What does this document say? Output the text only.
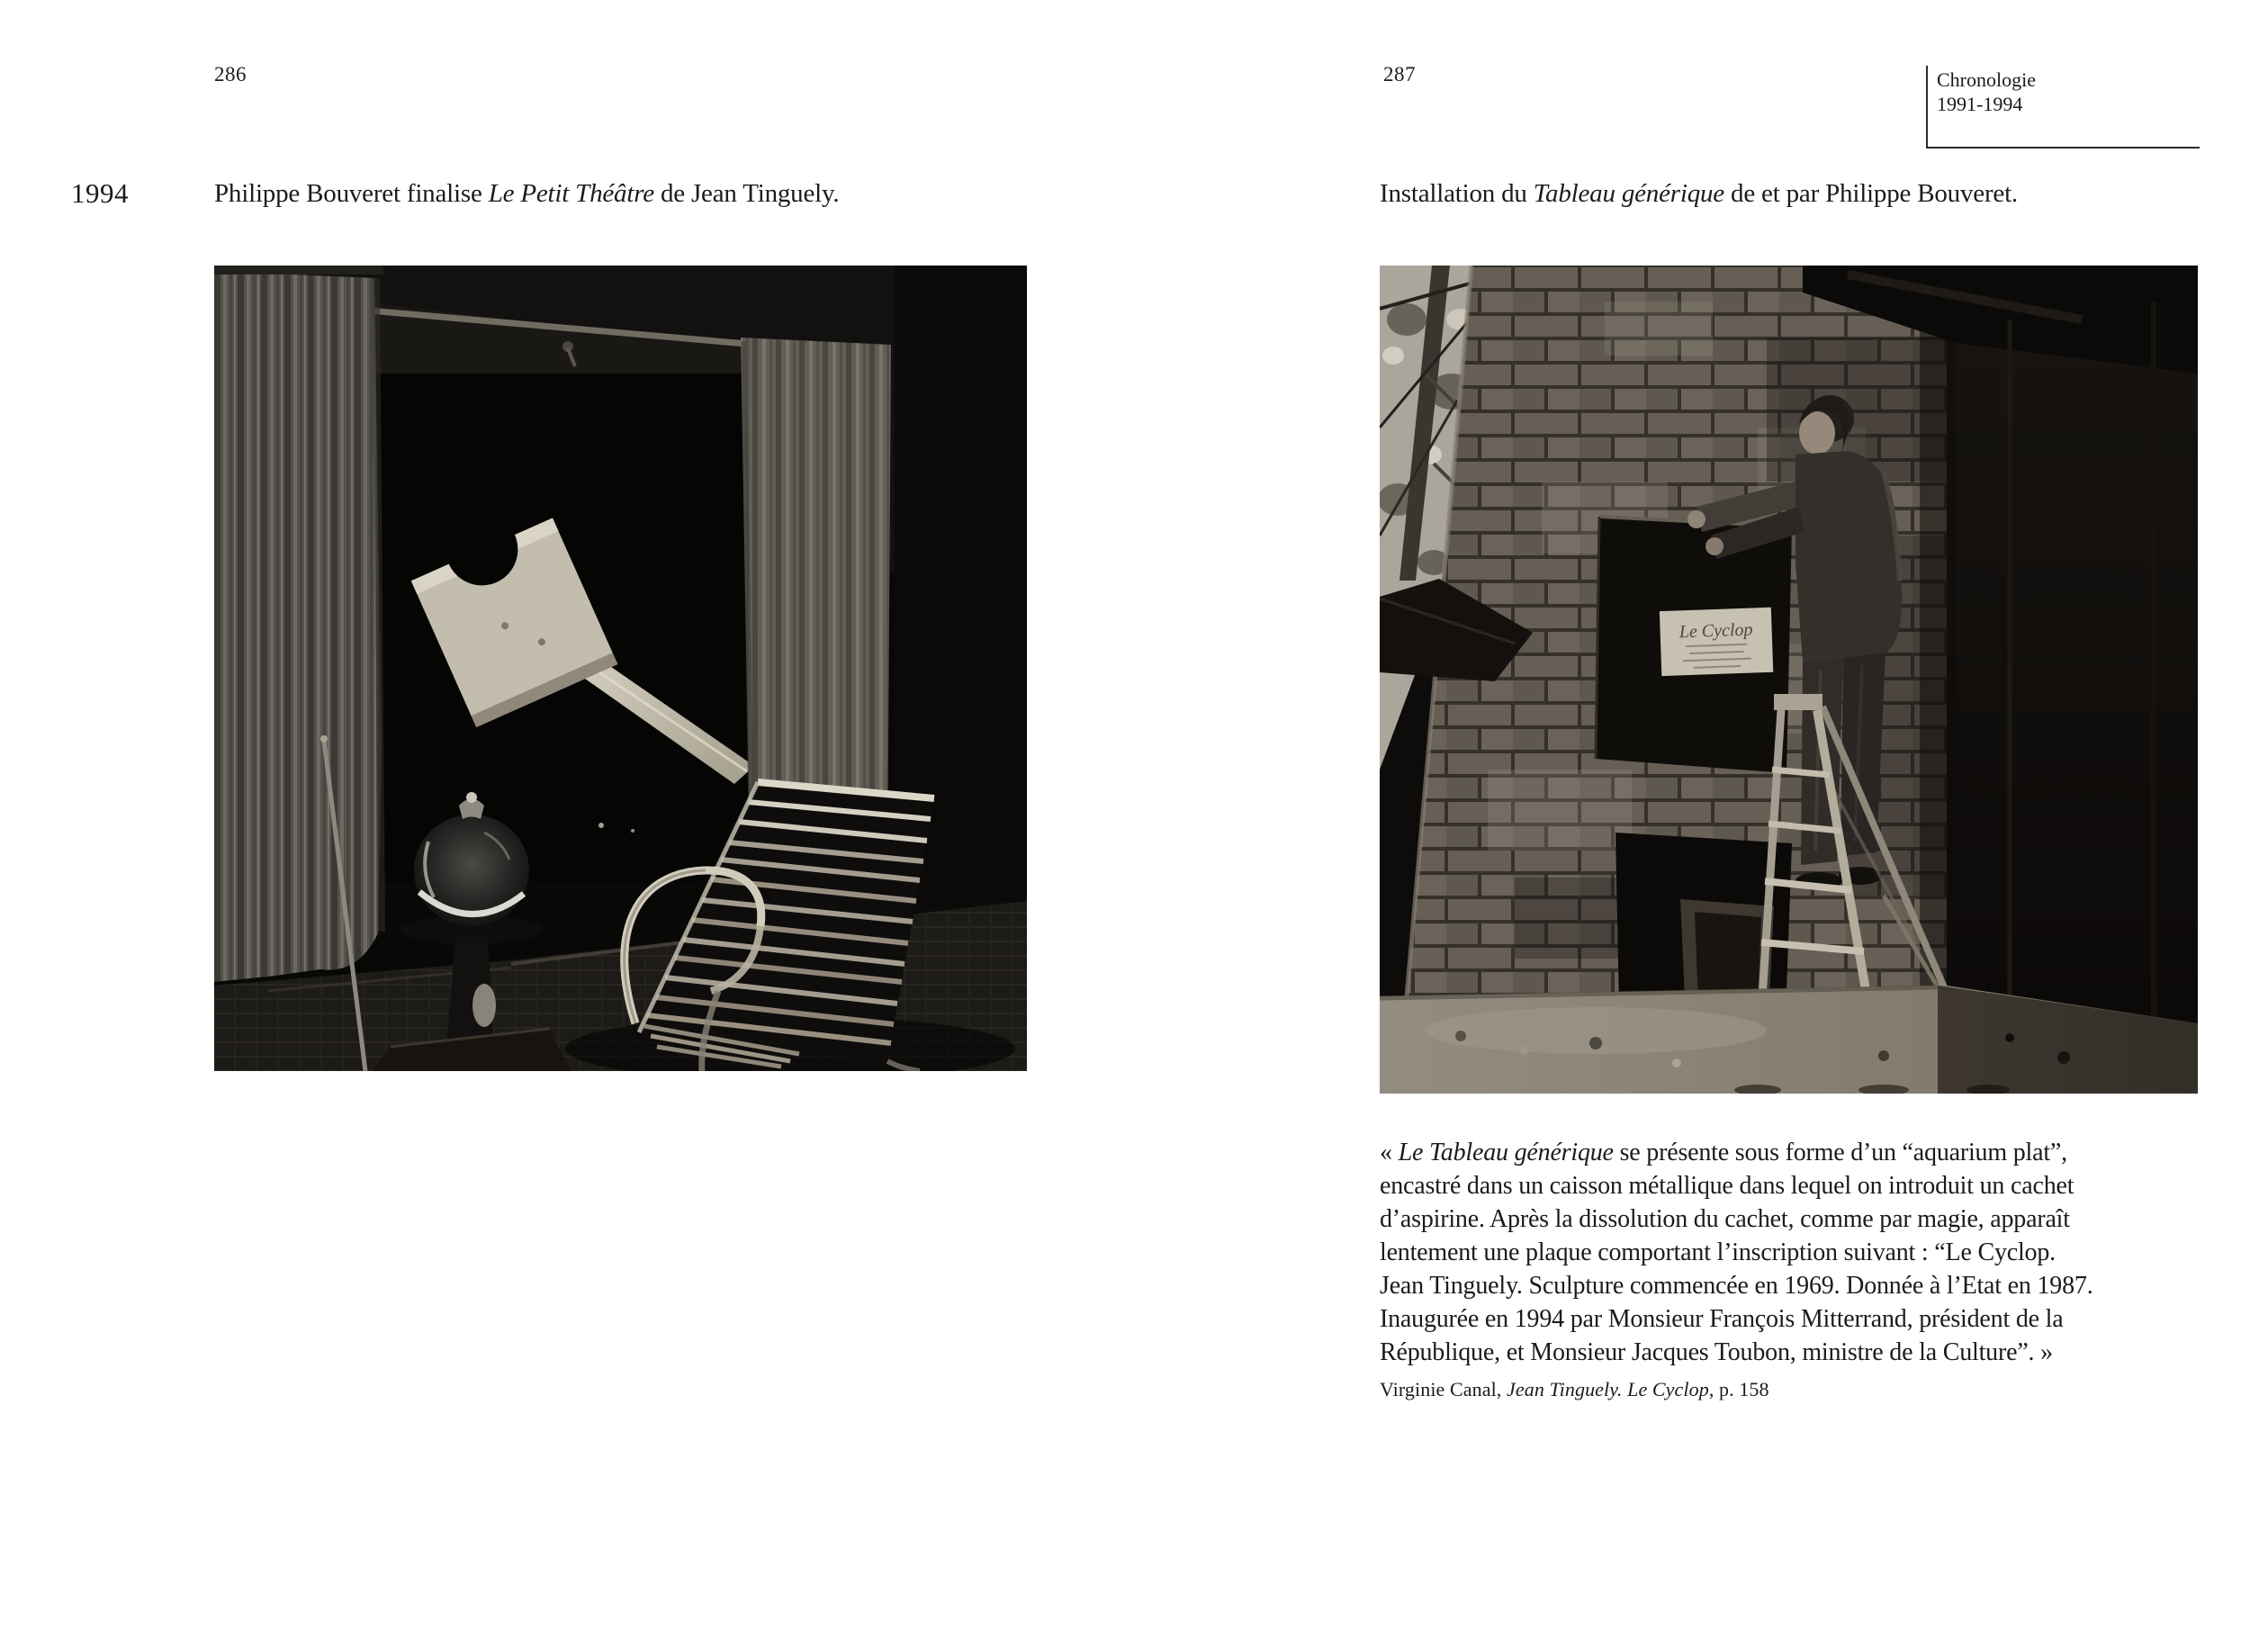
286
1994	Philippe Bouveret finalise Le Petit Théâtre de Jean Tinguely.
287	Chronologie
1991-1994
Installation du Tableau générique de et par Philippe Bouveret.
Le Cyclop
« Le Tableau générique se présente sous forme d’un “aquarium plat”,
encastré dans un caisson métallique dans lequel on introduit un cachet
d’aspirine. Après la dissolution du cachet, comme par magie, apparaît
lentement une plaque comportant l’inscription suivant : “Le Cyclop.
Jean Tinguely. Sculpture commencée en 1969. Donnée à l’Etat en 1987.
Inaugurée en 1994 par Monsieur François Mitterrand, président de la
République, et Monsieur Jacques Toubon, ministre de la Culture”. »
Virginie Canal, Jean Tinguely. Le Cyclop, p. 158
